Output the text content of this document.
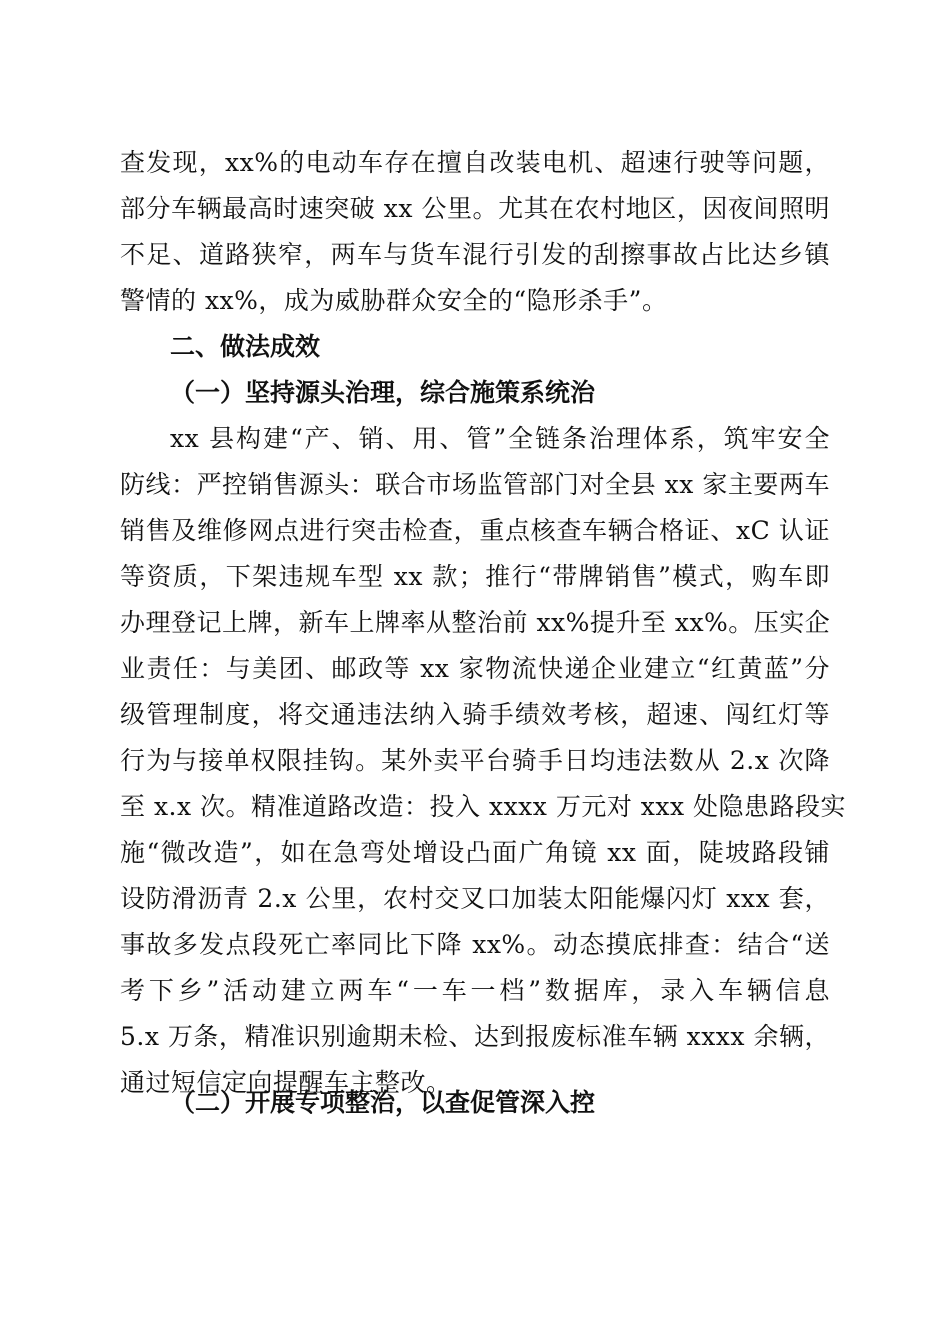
查发现，xx%的电动车存在擅自改装电机、超速行驶等问题，
部分车辆最高时速突破 xx 公里。尤其在农村地区，因夜间照明
不足、道路狭窄，两车与货车混行引发的刮擦事故占比达乡镇
警情的 xx%，成为威胁群众安全的“隐形杀手”。
二、做法成效
（一）坚持源头治理，综合施策系统治
xx 县构建“产、销、用、管”全链条治理体系，筑牢安全
防线：严控销售源头：联合市场监管部门对全县 xx 家主要两车
销售及维修网点进行突击检查，重点核查车辆合格证、xC 认证
等资质，下架违规车型 xx 款；推行“带牌销售”模式，购车即
办理登记上牌，新车上牌率从整治前 xx%提升至 xx%。压实企
业责任：与美团、邮政等 xx 家物流快递企业建立“红黄蓝”分
级管理制度，将交通违法纳入骑手绩效考核，超速、闯红灯等
行为与接单权限挂钩。某外卖平台骑手日均违法数从 2.x 次降
至 x.x 次。精准道路改造：投入 xxxx 万元对 xxx 处隐患路段实
施“微改造”，如在急弯处增设凸面广角镜 xx 面，陡坡路段铺
设防滑沥青 2.x 公里，农村交叉口加装太阳能爆闪灯 xxx 套，
事故多发点段死亡率同比下降 xx%。动态摸底排查：结合“送
考下乡”活动建立两车“一车一档”数据库，录入车辆信息
5.x 万条，精准识别逾期未检、达到报废标准车辆 xxxx 余辆，
通过短信定向提醒车主整改。
（二）开展专项整治，以查促管深入控
